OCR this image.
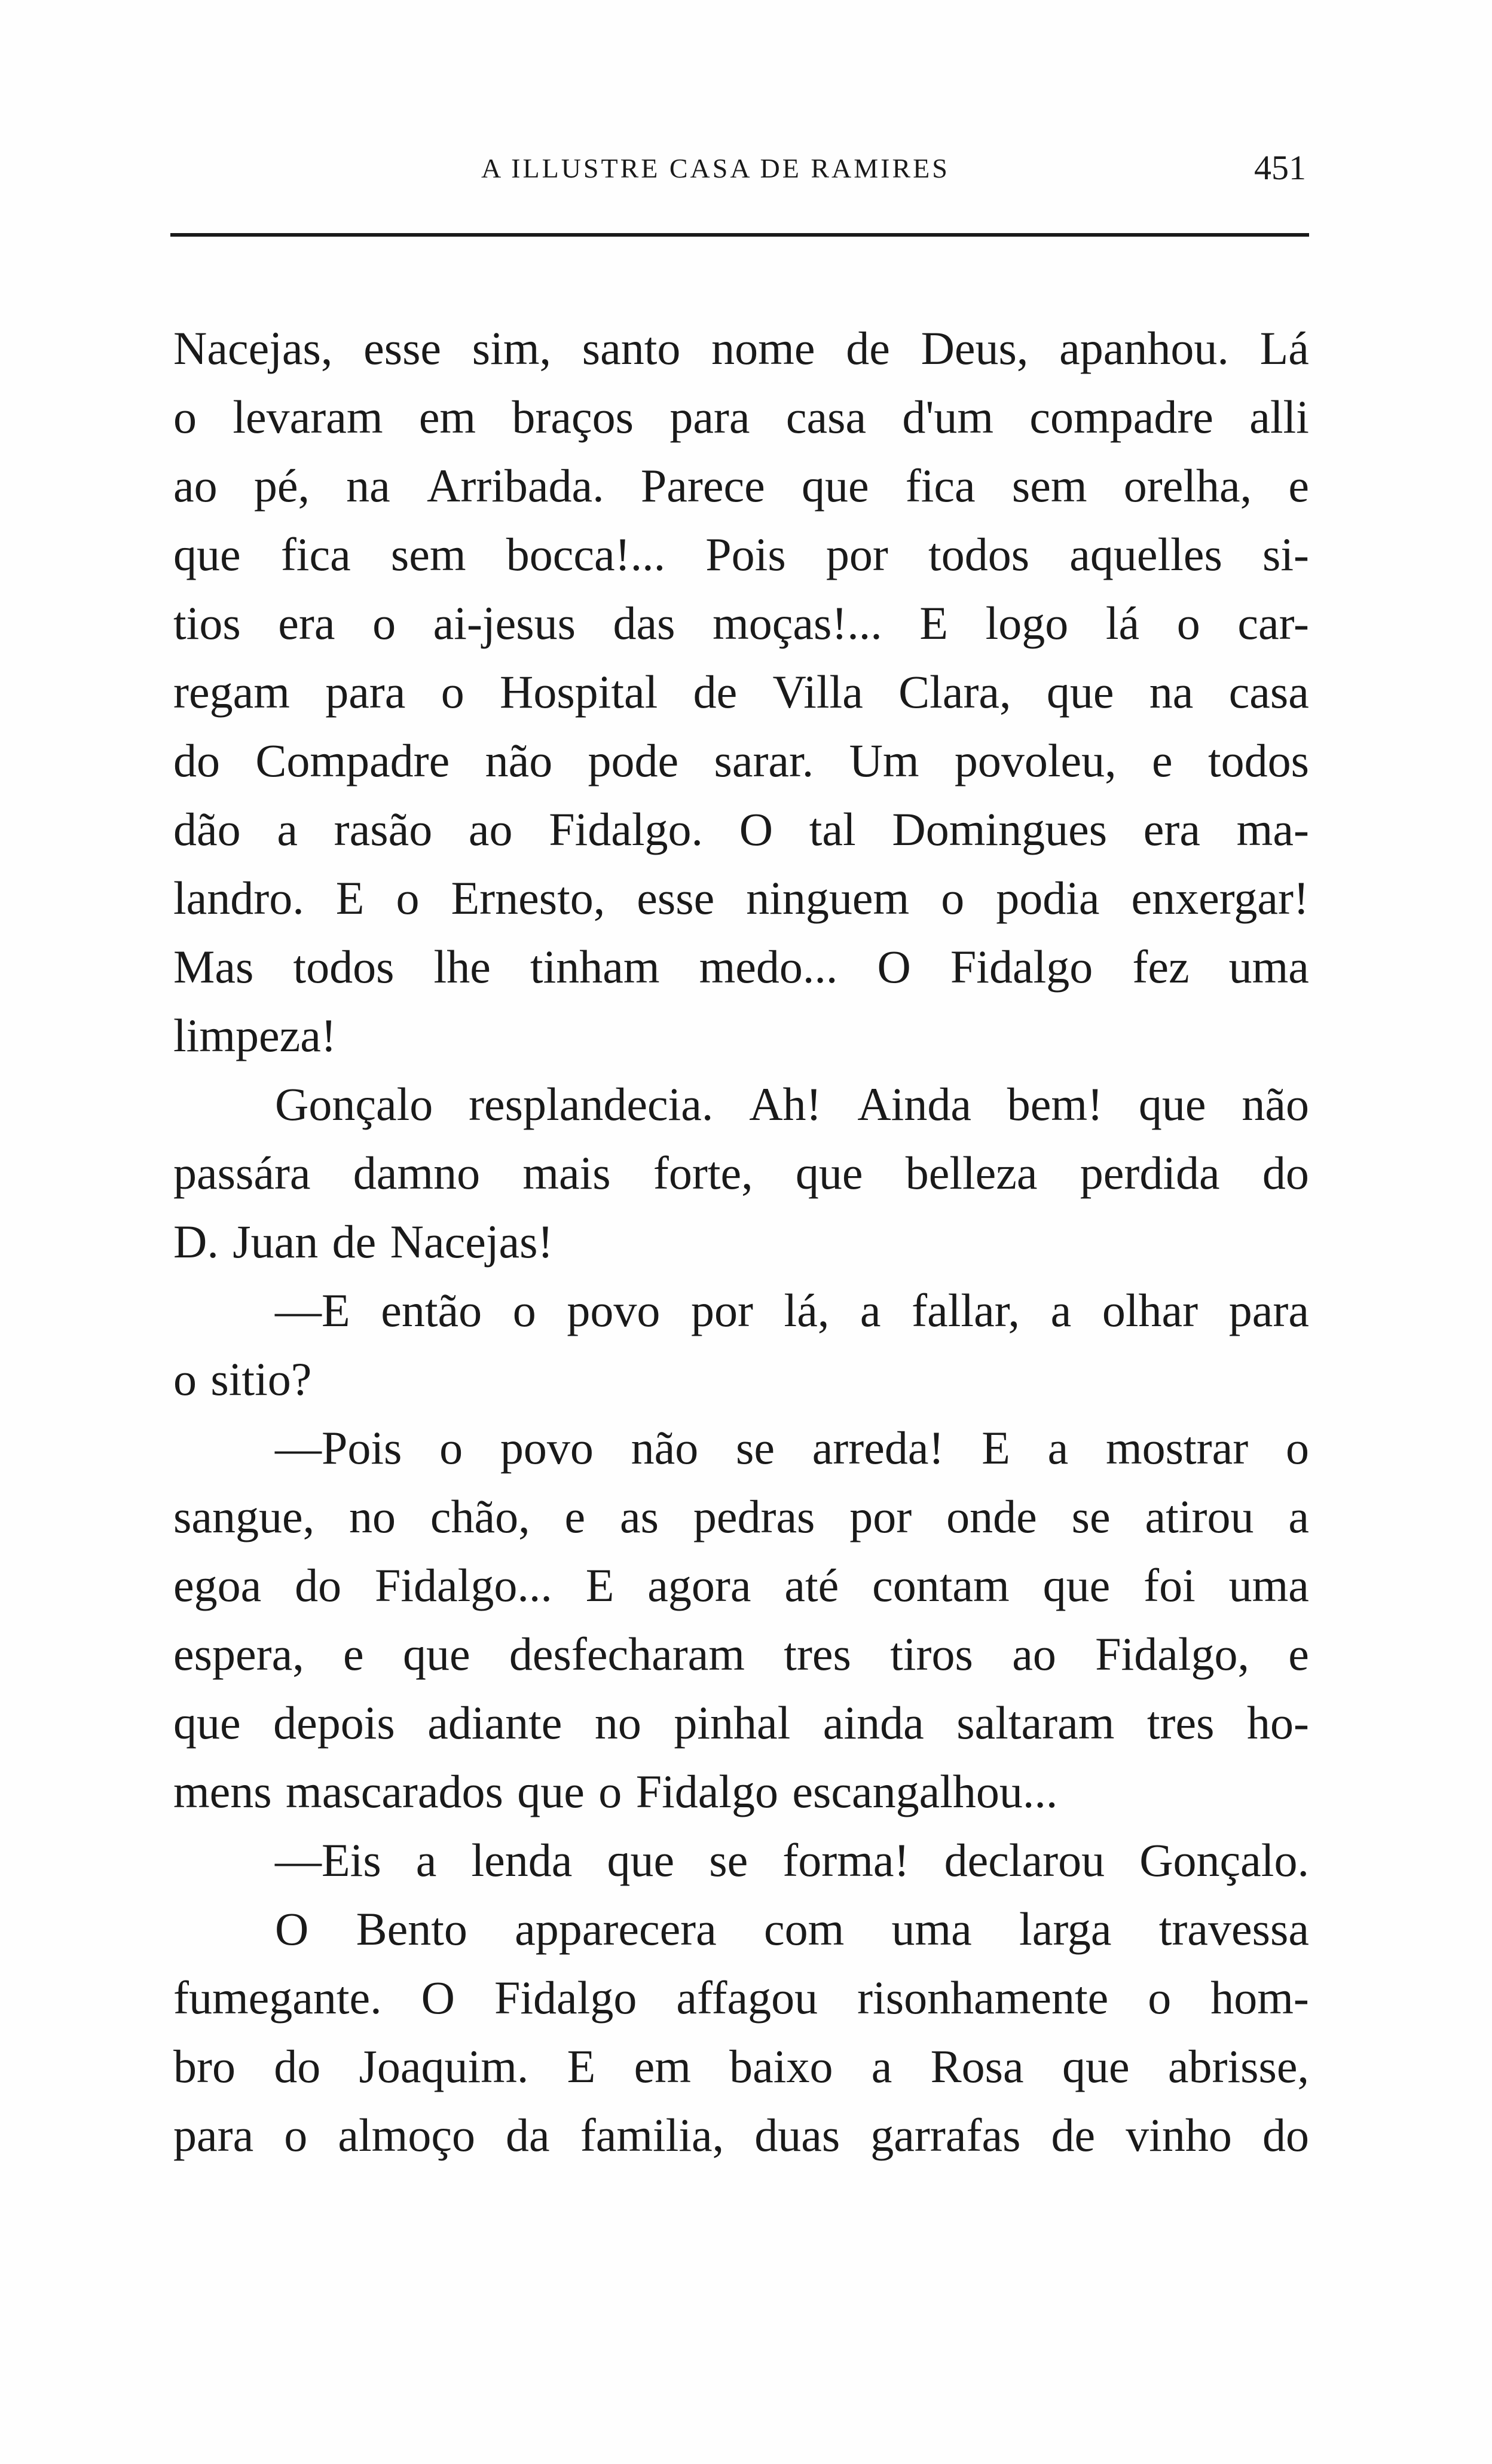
A ILLUSTRE CASA DE RAMIRES	451
Nacejas, esse sim, santo nome de Deus, apanhou. Lá
o levaram em braços para casa d'um compadre alli
ao pé, na Arribada. Parece que fica sem orelha, e
que fica sem bocca!... Pois por todos aquelles si-
tios era o ai-jesus das moças!... E logo lá o car-
regam para o Hospital de Villa Clara, que na casa
do Compadre não pode sarar. Um povoleu, e todos
dão a rasão ao Fidalgo. O tal Domingues era ma-
landro. E o Ernesto, esse ninguem o podia enxergar!
Mas todos lhe tinham medo... O Fidalgo fez uma
limpeza!
Gonçalo resplandecia. Ah! Ainda bem! que não
passára damno mais forte, que belleza perdida do
D. Juan de Nacejas!
—E então o povo por lá, a fallar, a olhar para
o sitio?
—Pois o povo não se arreda! E a mostrar o
sangue, no chão, e as pedras por onde se atirou a
egoa do Fidalgo... E agora até contam que foi uma
espera, e que desfecharam tres tiros ao Fidalgo, e
que depois adiante no pinhal ainda saltaram tres ho-
mens mascarados que o Fidalgo escangalhou...
—Eis a lenda que se forma! declarou Gonçalo.
O Bento apparecera com uma larga travessa
fumegante. O Fidalgo affagou risonhamente o hom-
bro do Joaquim. E em baixo a Rosa que abrisse,
para o almoço da familia, duas garrafas de vinho do
